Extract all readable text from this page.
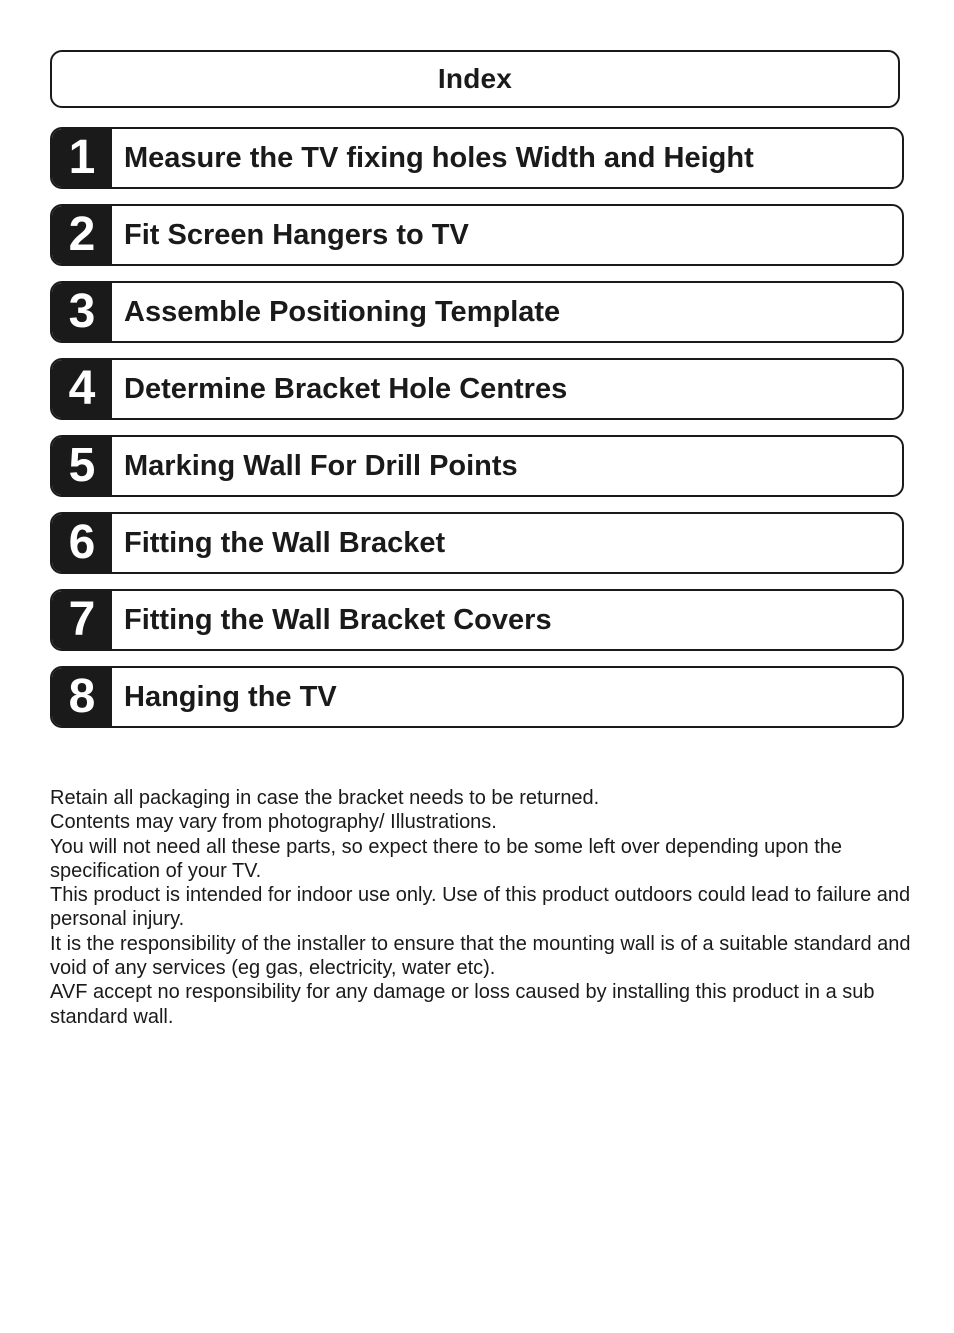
Index
1 Measure the TV fixing holes Width and Height
2 Fit Screen Hangers to TV
3 Assemble Positioning Template
4 Determine Bracket Hole Centres
5 Marking Wall For Drill Points
6 Fitting the Wall Bracket
7 Fitting the Wall Bracket Covers
8 Hanging the TV

Retain all packaging in case the bracket needs to be returned.

Contents may vary from photography/ Illustrations.

You will not need all these parts, so expect there to be some left over depending upon the specification of your TV.

This product is intended for indoor use only. Use of this product outdoors could lead to failure and personal injury.

It is the responsibility of the installer to ensure that the mounting wall is of a suitable standard and void of any services (eg gas, electricity, water etc).

AVF accept no responsibility for any damage or loss caused by installing this product in a sub standard wall.
